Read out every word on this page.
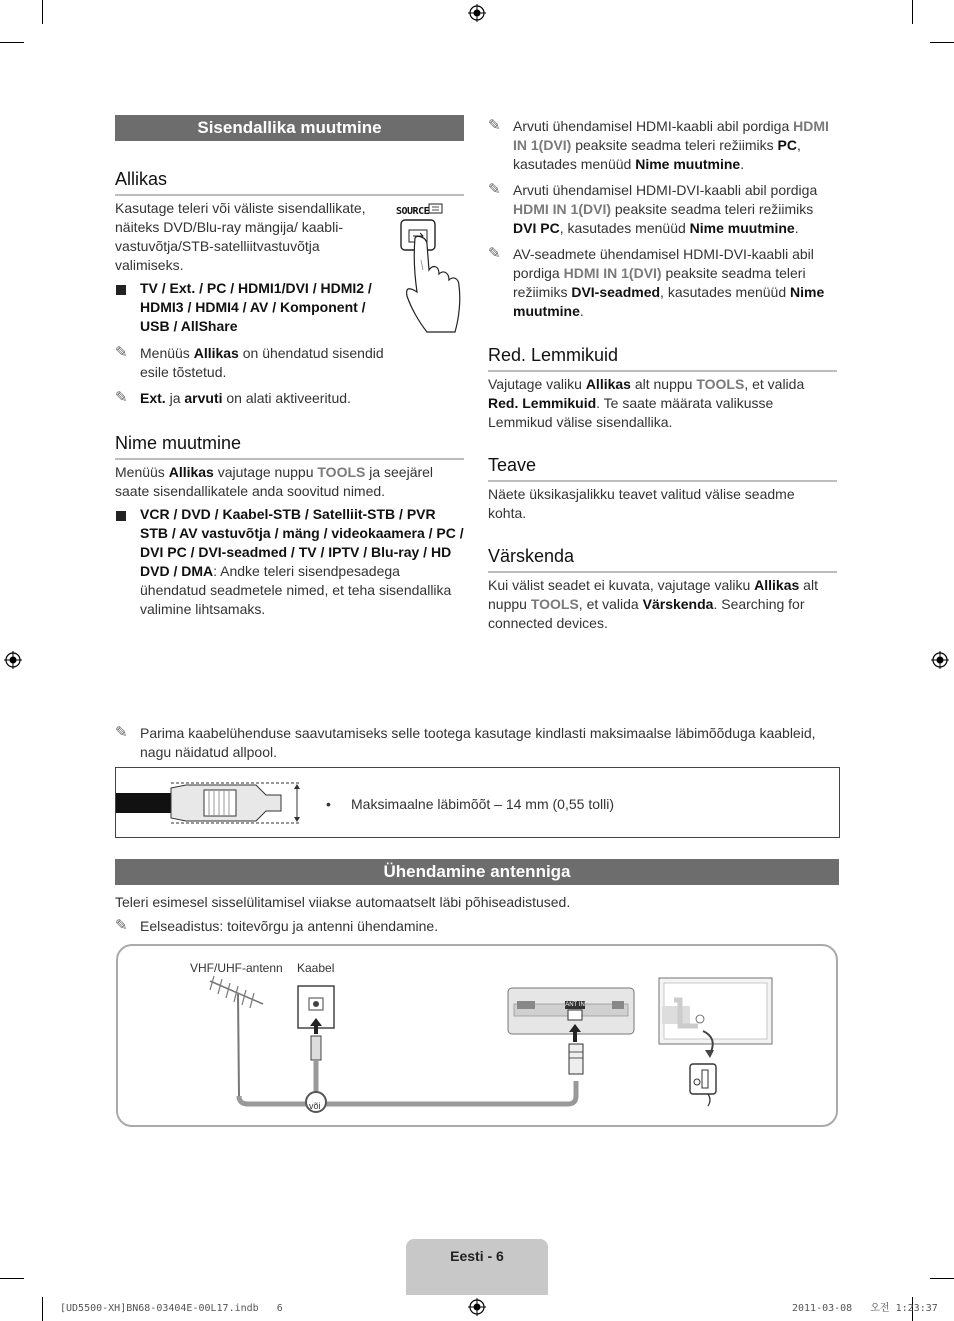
Sisendallika muutmine
Allikas
Kasutage teleri või väliste sisendallikate, näiteks DVD/Blu-ray mängija/ kaablivastuvõtja/STB-satelliitvastuvõtja valimiseks.
SOURCE
TV / Ext. / PC / HDMI1/DVI / HDMI2 / HDMI3 / HDMI4 / AV / Komponent / USB / AllShare
✎ Menüüs Allikas on ühendatud sisendid esile tõstetud.
✎ Ext. ja arvuti on alati aktiveeritud.
Nime muutmine
Menüüs Allikas vajutage nuppu TOOLS ja seejärel saate sisendallikatele anda soovitud nimed.
VCR / DVD / Kaabel-STB / Satelliit-STB / PVR STB / AV vastuvõtja / mäng / videokaamera / PC / DVI PC / DVI-seadmed / TV / IPTV / Blu-ray / HD DVD / DMA: Andke teleri sisendpesadega ühendatud seadmetele nimed, et teha sisendallika valimine lihtsamaks.
✎ Arvuti ühendamisel HDMI-kaabli abil pordiga HDMI IN 1(DVI) peaksite seadma teleri režiimiks PC, kasutades menüüd Nime muutmine.
✎ Arvuti ühendamisel HDMI-DVI-kaabli abil pordiga HDMI IN 1(DVI) peaksite seadma teleri režiimiks DVI PC, kasutades menüüd Nime muutmine.
✎ AV-seadmete ühendamisel HDMI-DVI-kaabli abil pordiga HDMI IN 1(DVI) peaksite seadma teleri režiimiks DVI-seadmed, kasutades menüüd Nime muutmine.
Red. Lemmikuid
Vajutage valiku Allikas alt nuppu TOOLS, et valida Red. Lemmikuid. Te saate määrata valikusse Lemmikud välise sisendallika.
Teave
Näete üksikasjalikku teavet valitud välise seadme kohta.
Värskenda
Kui välist seadet ei kuvata, vajutage valiku Allikas alt nuppu TOOLS, et valida Värskenda. Searching for connected devices.
✎ Parima kaabelühenduse saavutamiseks selle tootega kasutage kindlasti maksimaalse läbimõõduga kaableid, nagu näidatud allpool.
• Maksimaalne läbimõõt – 14 mm (0,55 tolli)
Ühendamine antenniga
Teleri esimesel sisselülitamisel viiakse automaatselt läbi põhiseadistused.
✎ Eelseadistus: toitevõrgu ja antenni ühendamine.
VHF/UHF-antenn Kaabel
või
ANT IN
Eesti - 6
[UD5500-XH]BN68-03404E-00L17.indb   6	2011-03-08   오전 1:23:37
